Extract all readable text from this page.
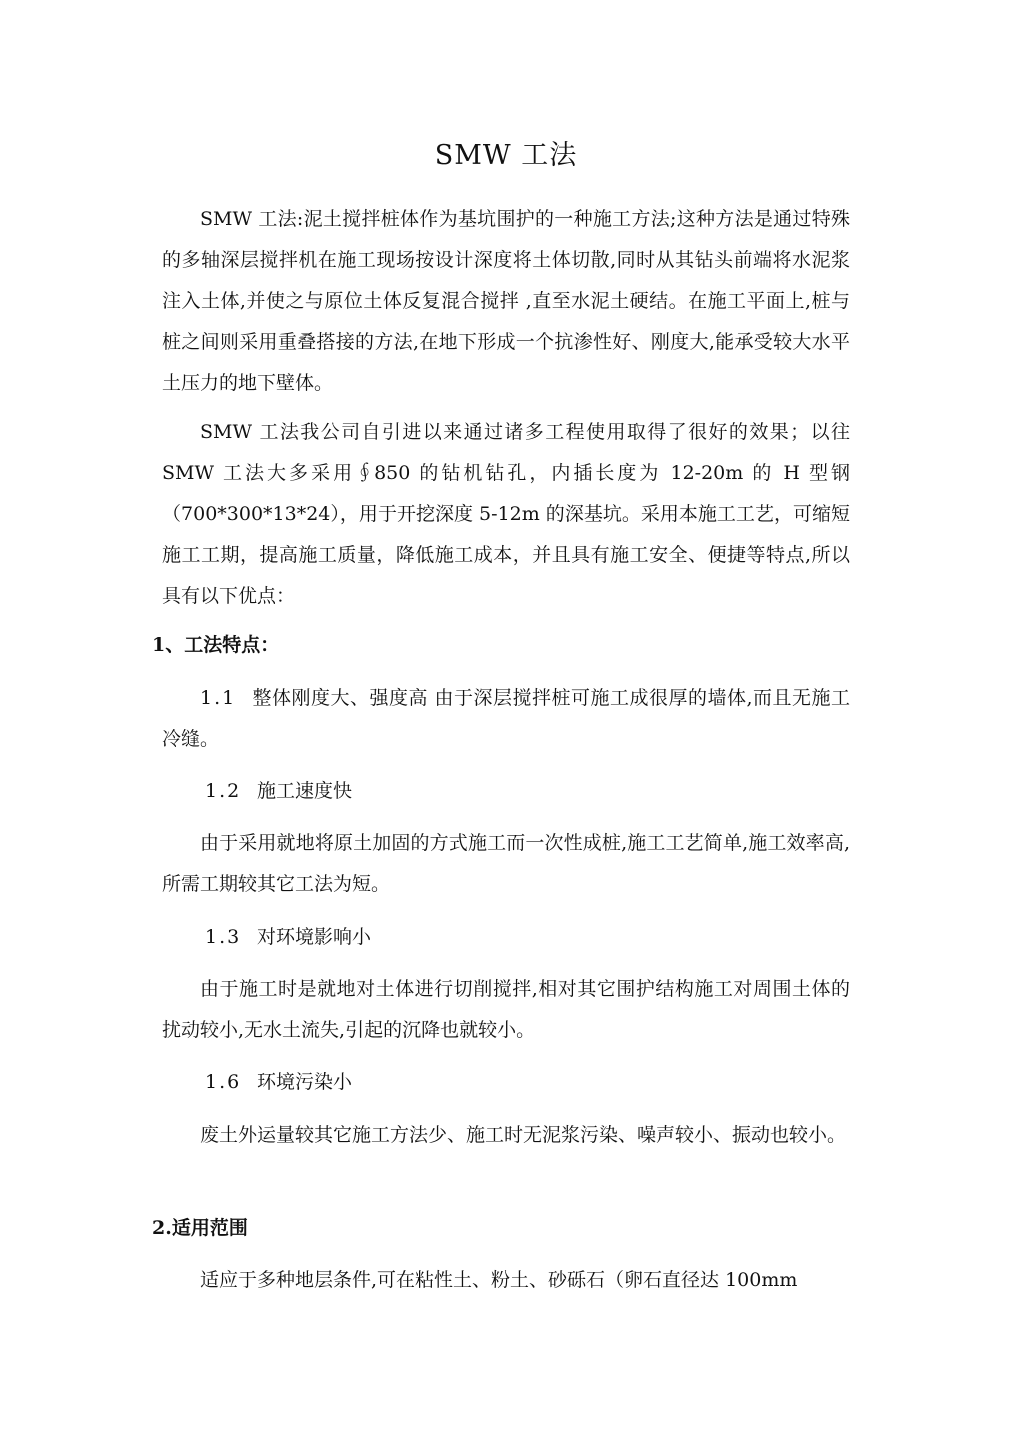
SMW 工法

SMW 工法:泥土搅拌桩体作为基坑围护的一种施工方法;这种方法是通过特殊的多轴深层搅拌机在施工现场按设计深度将土体切散,同时从其钻头前端将水泥浆注入土体,并使之与原位土体反复混合搅拌 ,直至水泥土硬结。在施工平面上,桩与桩之间则采用重叠搭接的方法,在地下形成一个抗渗性好、刚度大,能承受较大水平土压力的地下壁体。

SMW 工法我公司自引进以来通过诸多工程使用取得了很好的效果；以往SMW 工法大多采用∮850 的钻机钻孔，内插长度为 12-20m 的 H 型钢（700*300*13*24），用于开挖深度 5-12m 的深基坑。采用本施工工艺，可缩短施工工期，提高施工质量，降低施工成本，并且具有施工安全、便捷等特点,所以具有以下优点：

1、工法特点：

1.1 整体刚度大、强度高 由于深层搅拌桩可施工成很厚的墙体,而且无施工冷缝。

1.2 施工速度快

由于采用就地将原土加固的方式施工而一次性成桩,施工工艺简单,施工效率高,所需工期较其它工法为短。

1.3 对环境影响小

由于施工时是就地对土体进行切削搅拌,相对其它围护结构施工对周围土体的扰动较小,无水土流失,引起的沉降也就较小。

1.6 环境污染小

废土外运量较其它施工方法少、施工时无泥浆污染、噪声较小、振动也较小。

2.适用范围

适应于多种地层条件,可在粘性土、粉土、砂砾石（卵石直径达 100mm
